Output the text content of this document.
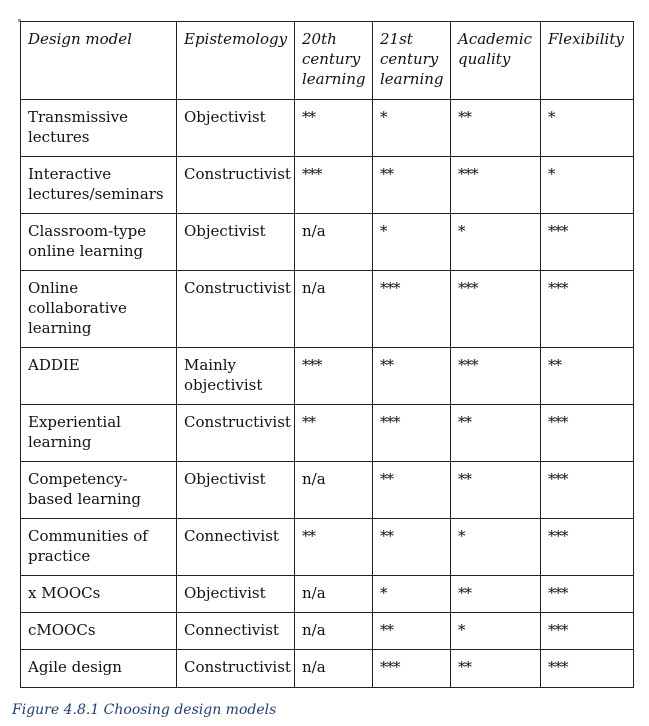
Design model	Epistemology	20th century learning	21st century learning	Academic quality	Flexibility
Transmissive lectures	Objectivist	**	*	**	*
Interactive lectures/seminars	Constructivist	***	**	***	*
Classroom-type online learning	Objectivist	n/a	*	*	***
Online collaborative learning	Constructivist	n/a	***	***	***
ADDIE	Mainly objectivist	***	**	***	**
Experiential learning	Constructivist	**	***	**	***
Competency-based learning	Objectivist	n/a	**	**	***
Communities of practice	Connectivist	**	**	*	***
x MOOCs	Objectivist	n/a	*	**	***
cMOOCs	Connectivist	n/a	**	*	***
Agile design	Constructivist	n/a	***	**	***
Figure 4.8.1 Choosing design models
